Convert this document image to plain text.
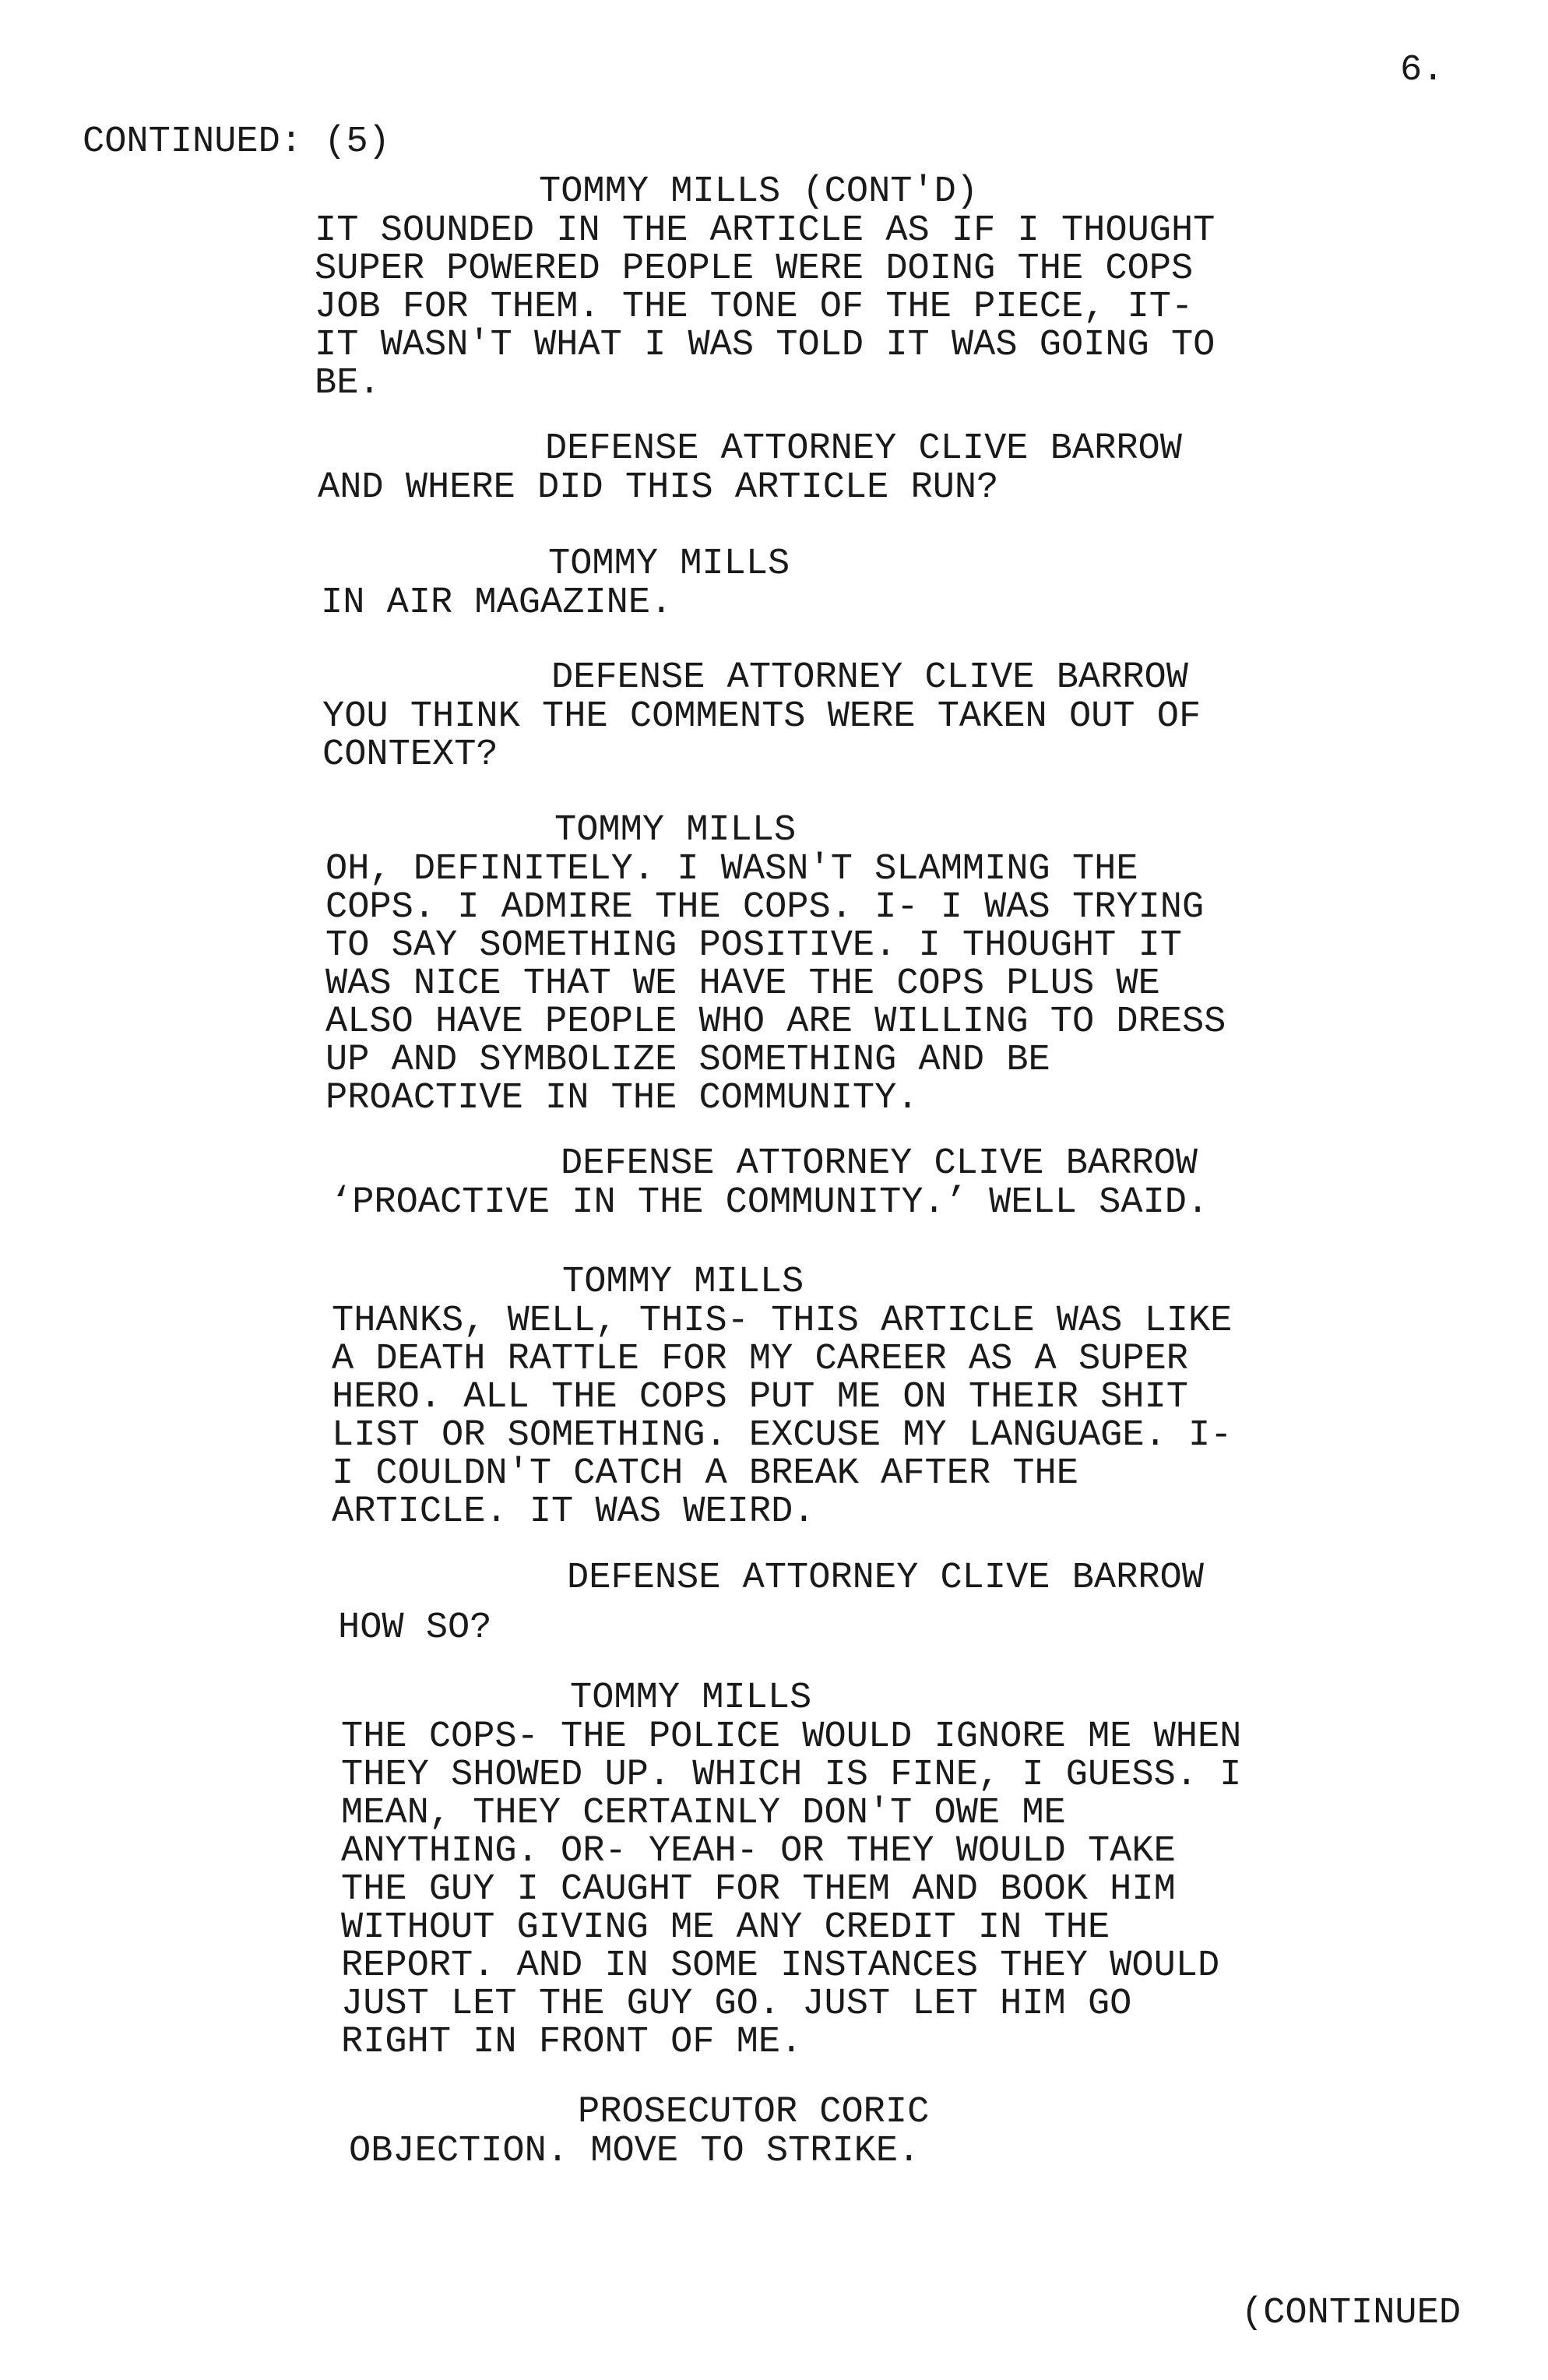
6.
CONTINUED: (5)
TOMMY MILLS (CONT'D)
IT SOUNDED IN THE ARTICLE AS IF I THOUGHT
SUPER POWERED PEOPLE WERE DOING THE COPS
JOB FOR THEM. THE TONE OF THE PIECE, IT-
IT WASN'T WHAT I WAS TOLD IT WAS GOING TO
BE.
DEFENSE ATTORNEY CLIVE BARROW
AND WHERE DID THIS ARTICLE RUN?
TOMMY MILLS
IN AIR MAGAZINE.
DEFENSE ATTORNEY CLIVE BARROW
YOU THINK THE COMMENTS WERE TAKEN OUT OF
CONTEXT?
TOMMY MILLS
OH, DEFINITELY. I WASN'T SLAMMING THE
COPS. I ADMIRE THE COPS. I- I WAS TRYING
TO SAY SOMETHING POSITIVE. I THOUGHT IT
WAS NICE THAT WE HAVE THE COPS PLUS WE
ALSO HAVE PEOPLE WHO ARE WILLING TO DRESS
UP AND SYMBOLIZE SOMETHING AND BE
PROACTIVE IN THE COMMUNITY.
DEFENSE ATTORNEY CLIVE BARROW
‘PROACTIVE IN THE COMMUNITY.’ WELL SAID.
TOMMY MILLS
THANKS, WELL, THIS- THIS ARTICLE WAS LIKE
A DEATH RATTLE FOR MY CAREER AS A SUPER
HERO. ALL THE COPS PUT ME ON THEIR SHIT
LIST OR SOMETHING. EXCUSE MY LANGUAGE. I-
I COULDN'T CATCH A BREAK AFTER THE
ARTICLE. IT WAS WEIRD.
DEFENSE ATTORNEY CLIVE BARROW
HOW SO?
TOMMY MILLS
THE COPS- THE POLICE WOULD IGNORE ME WHEN
THEY SHOWED UP. WHICH IS FINE, I GUESS. I
MEAN, THEY CERTAINLY DON'T OWE ME
ANYTHING. OR- YEAH- OR THEY WOULD TAKE
THE GUY I CAUGHT FOR THEM AND BOOK HIM
WITHOUT GIVING ME ANY CREDIT IN THE
REPORT. AND IN SOME INSTANCES THEY WOULD
JUST LET THE GUY GO. JUST LET HIM GO
RIGHT IN FRONT OF ME.
PROSECUTOR CORIC
OBJECTION. MOVE TO STRIKE.
(CONTINUED
